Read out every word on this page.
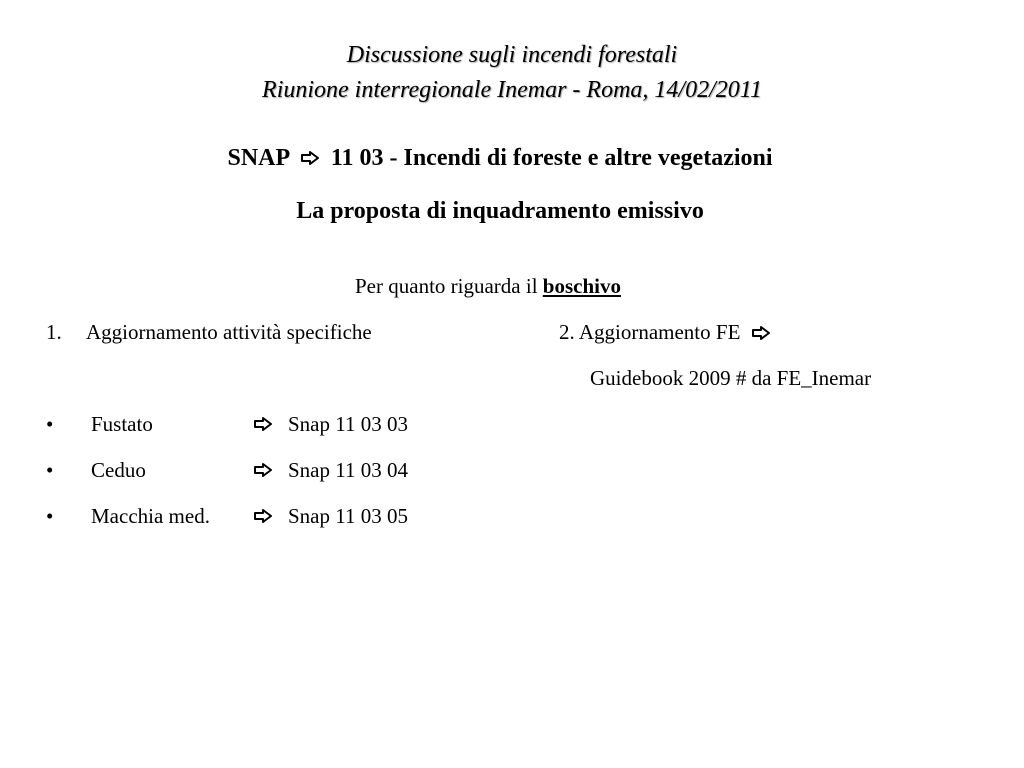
Discussione sugli incendi forestali
Riunione interregionale Inemar - Roma, 14/02/2011
SNAP 11 03 - Incendi di foreste e altre vegetazioni
La proposta di inquadramento emissivo
Per quanto riguarda il boschivo
1. Aggiornamento attività specifiche	2. Aggiornamento FE
Guidebook 2009 # da FE_Inemar
• Fustato	Snap 11 03 03
• Ceduo	Snap 11 03 04
• Macchia med.	Snap 11 03 05
